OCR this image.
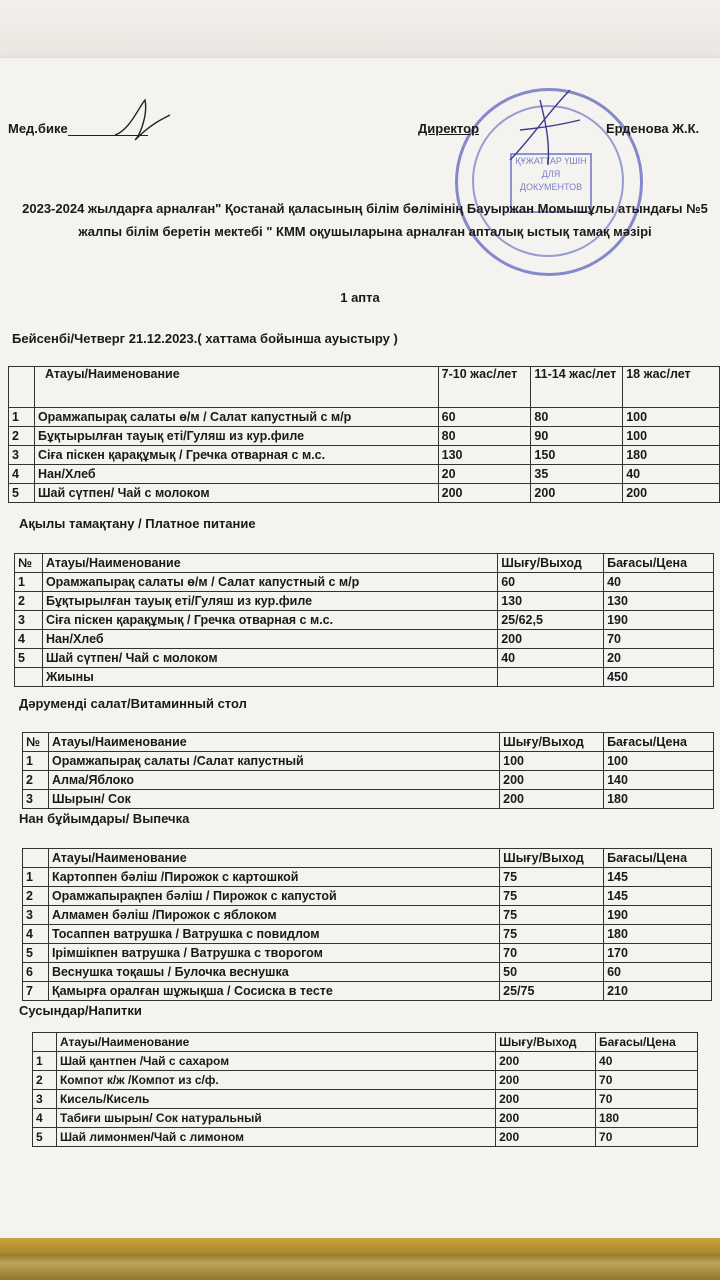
ҚҰЖАТТАР ҮШІН ДЛЯ ДОКУМЕНТОВ
Мед.бике	Директор	Ерденова Ж.К.
2023-2024 жылдарға арналған" Қостанай қаласының білім бөлімінің Бауыржан Момышұлы атындағы №5 жалпы білім беретін мектебі " КММ оқушыларына арналған апталық ыстық тамақ мәзірі
1 апта
Бейсенбі/Четверг 21.12.2023.( хаттама бойынша ауыстыру )
	Атауы/Наименование	7-10 жас/лет	11-14 жас/лет	18 жас/лет
1	Орамжапырақ салаты ө/м / Салат капустный с м/р	60	80	100
2	Бұқтырылған тауық еті/Гуляш из кур.филе	80	90	100
3	Сіға піскен қарақұмық / Гречка отварная с м.с.	130	150	180
4	Нан/Хлеб	20	35	40
5	Шай сүтпен/ Чай с молоком	200	200	200
Ақылы тамақтану / Платное питание
№	Атауы/Наименование	Шығу/Выход	Бағасы/Цена
1	Орамжапырақ салаты ө/м / Салат капустный с м/р	60	40
2	Бұқтырылған тауық еті/Гуляш из кур.филе	130	130
3	Сіға піскен қарақұмық / Гречка отварная с м.с.	25/62,5	190
4	Нан/Хлеб	200	70
5	Шай сүтпен/ Чай с молоком	40	20
	Жиыны		450
Дәрумендi салат/Витаминный стол
№	Атауы/Наименование	Шығу/Выход	Бағасы/Цена
1	Орамжапырақ салаты /Салат капустный	100	100
2	Алма/Яблоко	200	140
3	Шырын/ Сок	200	180
Нан бұйымдары/ Выпечка
	Атауы/Наименование	Шығу/Выход	Бағасы/Цена
1	Картоппен бәліш /Пирожок с картошкой	75	145
2	Орамжапырақпен бәліш / Пирожок с капустой	75	145
3	Алмамен бәліш /Пирожок с яблоком	75	190
4	Тосаппен ватрушка / Ватрушка с повидлом	75	180
5	Ірімшікпен ватрушка / Ватрушка с творогом	70	170
6	Веснушка тоқашы / Булочка веснушка	50	60
7	Қамырға оралған шұжықша / Сосиска в тесте	25/75	210
Сусындар/Напитки
	Атауы/Наименование	Шығу/Выход	Бағасы/Цена
1	Шай қантпен /Чай с сахаром	200	40
2	Компот к/ж /Компот из с/ф.	200	70
3	Кисель/Кисель	200	70
4	Табиғи шырын/ Сок натуральный	200	180
5	Шай лимонмен/Чай с лимоном	200	70
